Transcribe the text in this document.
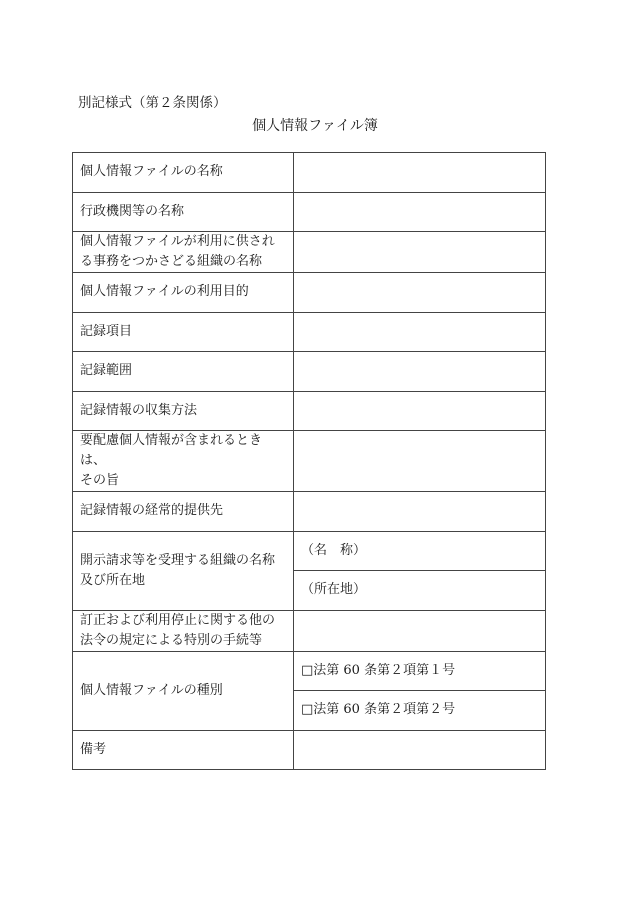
別記様式（第２条関係）
個人情報ファイル簿
個人情報ファイルの名称	

行政機関等の名称	

個人情報ファイルが利用に供され
る事務をつかさどる組織の名称	

個人情報ファイルの利用目的	

記録項目	

記録範囲	

記録情報の収集方法	

要配慮個人情報が含まれるときは、
その旨	

記録情報の経常的提供先	

開示請求等を受理する組織の名称
及び所在地	（名　称）
	（所在地）

訂正および利用停止に関する他の
法令の規定による特別の手続等	

個人情報ファイルの種別	□法第 60 条第２項第１号
	□法第 60 条第２項第２号

備考	
